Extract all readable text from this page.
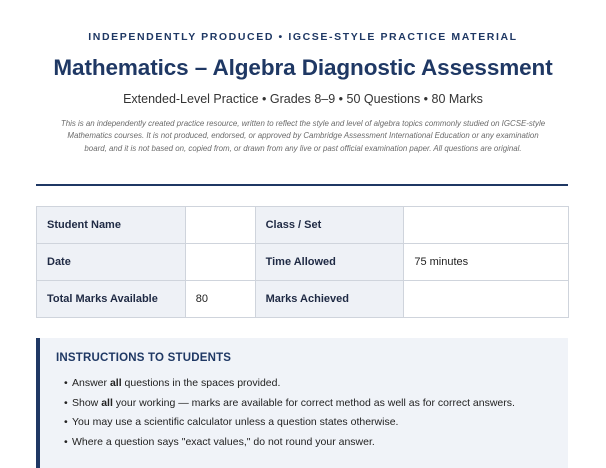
INDEPENDENTLY PRODUCED • IGCSE-STYLE PRACTICE MATERIAL
Mathematics – Algebra Diagnostic Assessment
Extended-Level Practice • Grades 8–9 • 50 Questions • 80 Marks
This is an independently created practice resource, written to reflect the style and level of algebra topics commonly studied on IGCSE-style Mathematics courses. It is not produced, endorsed, or approved by Cambridge Assessment International Education or any examination board, and it is not based on, copied from, or drawn from any live or past official examination paper. All questions are original.
Student Name		Class / Set	
Date		Time Allowed	75 minutes
Total Marks Available	80	Marks Achieved	
INSTRUCTIONS TO STUDENTS
• Answer all questions in the spaces provided.
• Show all your working — marks are available for correct method as well as for correct answers.
• You may use a scientific calculator unless a question states otherwise.
• Where a question says "exact values," do not round your answer.
